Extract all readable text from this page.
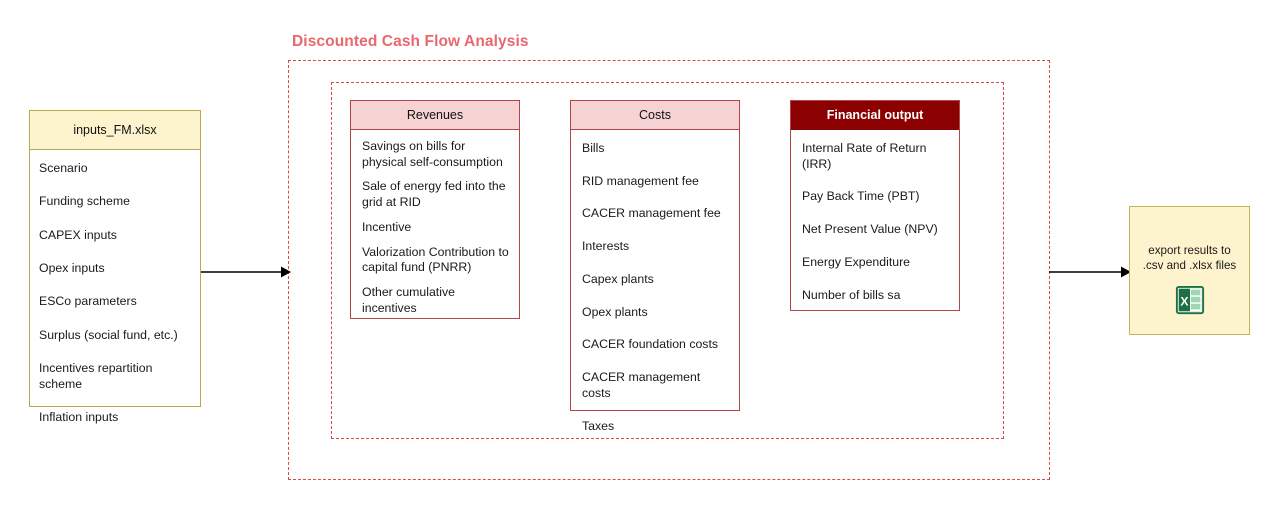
Discounted Cash Flow Analysis
inputs_FM.xlsx
Scenario
Funding scheme
CAPEX inputs
Opex inputs
ESCo parameters
Surplus (social fund, etc.)
Incentives repartition scheme
Inflation inputs
Revenues
Savings on bills for physical self-consumption
Sale of energy fed into the grid at RID
Incentive
Valorization Contribution to capital fund (PNRR)
Other cumulative incentives
Costs
Bills
RID management fee
CACER management fee
Interests
Capex plants
Opex plants
CACER foundation costs
CACER management costs
Taxes
Financial output
Internal Rate of Return (IRR)
Pay Back Time (PBT)
Net Present Value (NPV)
Energy Expenditure
Number of bills sa
export results to .csv and .xlsx files
X
